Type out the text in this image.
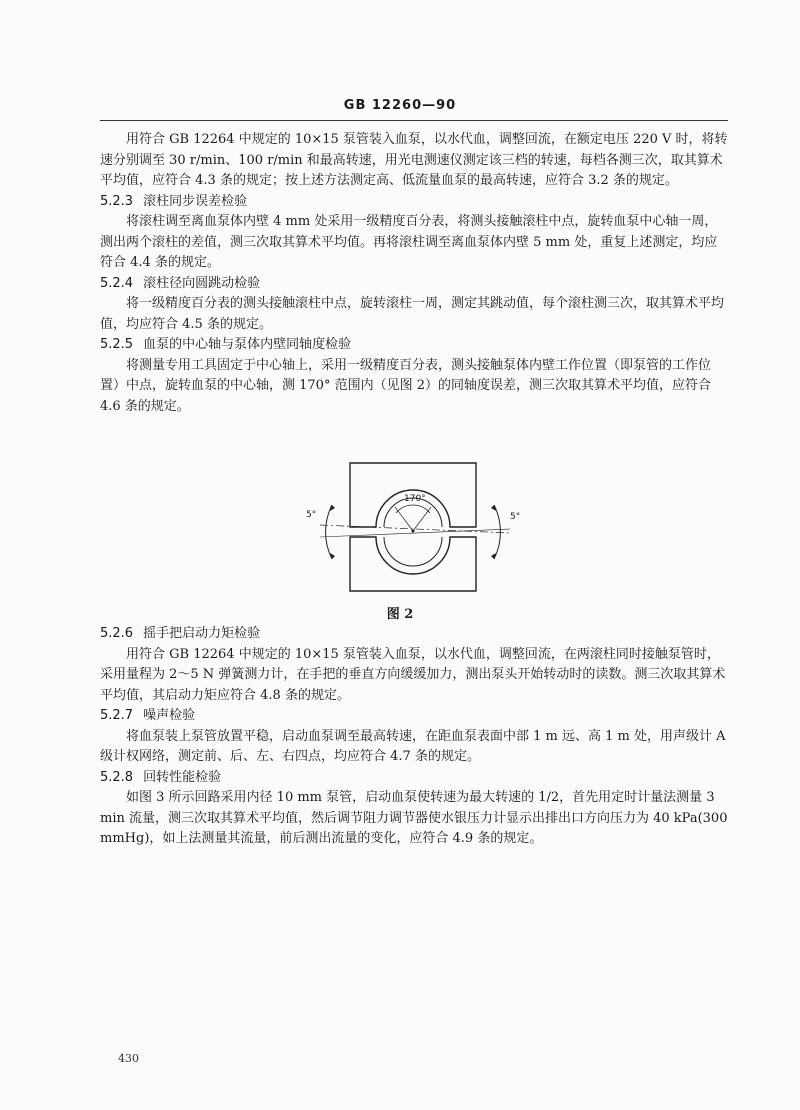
GB 12260—90

用符合 GB 12264 中规定的 10×15 泵管装入血泵，以水代血，调整回流，在额定电压 220 V 时，将转速分别调至 30 r/min、100 r/min 和最高转速，用光电测速仪测定该三档的转速，每档各测三次，取其算术平均值，应符合 4.3 条的规定；按上述方法测定高、低流量血泵的最高转速，应符合 3.2 条的规定。

5.2.3 滚柱同步误差检验

将滚柱调至离血泵体内壁 4 mm 处采用一级精度百分表，将测头接触滚柱中点，旋转血泵中心轴一周，测出两个滚柱的差值，测三次取其算术平均值。再将滚柱调至离血泵体内壁 5 mm 处，重复上述测定，均应符合 4.4 条的规定。

5.2.4 滚柱径向圆跳动检验

将一级精度百分表的测头接触滚柱中点，旋转滚柱一周，测定其跳动值，每个滚柱测三次，取其算术平均值，均应符合 4.5 条的规定。

5.2.5 血泵的中心轴与泵体内壁同轴度检验

将测量专用工具固定于中心轴上，采用一级精度百分表，测头接触泵体内壁工作位置（即泵管的工作位置）中点，旋转血泵的中心轴，测 170° 范围内（见图 2）的同轴度误差，测三次取其算术平均值，应符合 4.6 条的规定。

170°
5°	5°
图 2

5.2.6 摇手把启动力矩检验

用符合 GB 12264 中规定的 10×15 泵管装入血泵，以水代血，调整回流，在两滚柱同时接触泵管时，采用量程为 2～5 N 弹簧测力计，在手把的垂直方向缓缓加力，测出泵头开始转动时的读数。测三次取其算术平均值，其启动力矩应符合 4.8 条的规定。

5.2.7 噪声检验

将血泵装上泵管放置平稳，启动血泵调至最高转速，在距血泵表面中部 1 m 远、高 1 m 处，用声级计 A 级计权网络，测定前、后、左、右四点，均应符合 4.7 条的规定。

5.2.8 回转性能检验

如图 3 所示回路采用内径 10 mm 泵管，启动血泵使转速为最大转速的 1/2，首先用定时计量法测量 3 min 流量，测三次取其算术平均值，然后调节阻力调节器使水银压力计显示出排出口方向压力为 40 kPa(300 mmHg)，如上法测量其流量，前后测出流量的变化，应符合 4.9 条的规定。

430
